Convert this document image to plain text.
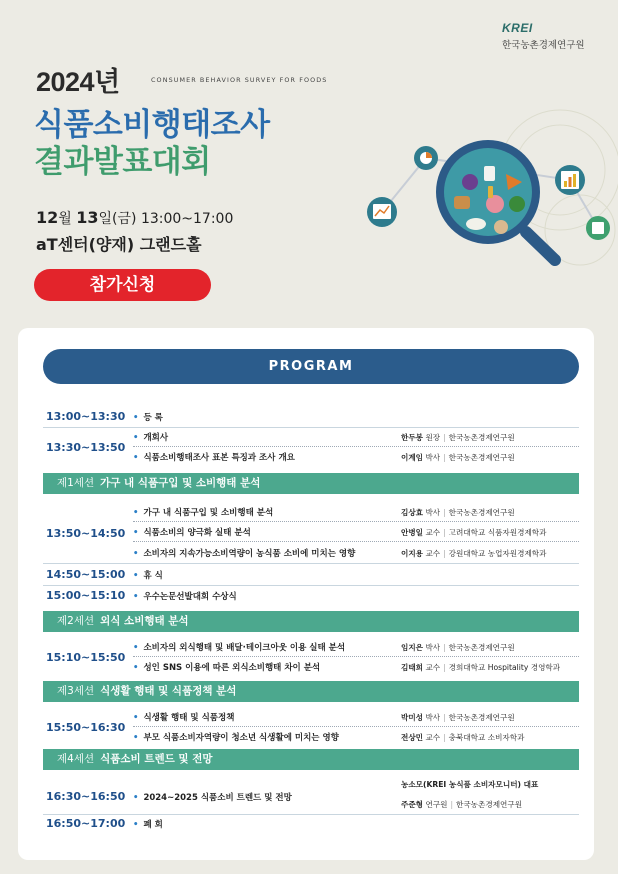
KREI
한국농촌경제연구원
2024년	CONSUMER BEHAVIOR SURVEY FOR FOODS
식품소비행태조사
결과발표대회
12월 13일(금) 13:00~17:00
aT센터(양재) 그랜드홀
참가신청
PROGRAM
13:00~13:30 • 등 록
13:30~13:50
• 개회사	한두봉 원장 | 한국농촌경제연구원
• 식품소비행태조사 표본 특징과 조사 개요	이계임 박사 | 한국농촌경제연구원
제1세션 가구 내 식품구입 및 소비행태 분석
13:50~14:50
• 가구 내 식품구입 및 소비행태 분석	김상효 박사 | 한국농촌경제연구원
• 식품소비의 양극화 실태 분석	안병일 교수 | 고려대학교 식품자원경제학과
• 소비자의 지속가능소비역량이 농식품 소비에 미치는 영향	이지용 교수 | 강원대학교 농업자원경제학과
14:50~15:00 • 휴 식
15:00~15:10 • 우수논문선발대회 수상식
제2세션 외식 소비행태 분석
15:10~15:50
• 소비자의 외식행태 및 배달·테이크아웃 이용 실태 분석	임지은 박사 | 한국농촌경제연구원
• 성인 SNS 이용에 따른 외식소비행태 차이 분석	김태희 교수 | 경희대학교 Hospitality 경영학과
제3세션 식생활 행태 및 식품정책 분석
15:50~16:30
• 식생활 행태 및 식품정책	박미성 박사 | 한국농촌경제연구원
• 부모 식품소비자역량이 청소년 식생활에 미치는 영향	전상민 교수 | 충북대학교 소비자학과
제4세션 식품소비 트렌드 및 전망
16:30~16:50 • 2024~2025 식품소비 트렌드 및 전망
농소모(KREI 농식품 소비자모니터) 대표
주준형 연구원 | 한국농촌경제연구원
16:50~17:00 • 폐 회
